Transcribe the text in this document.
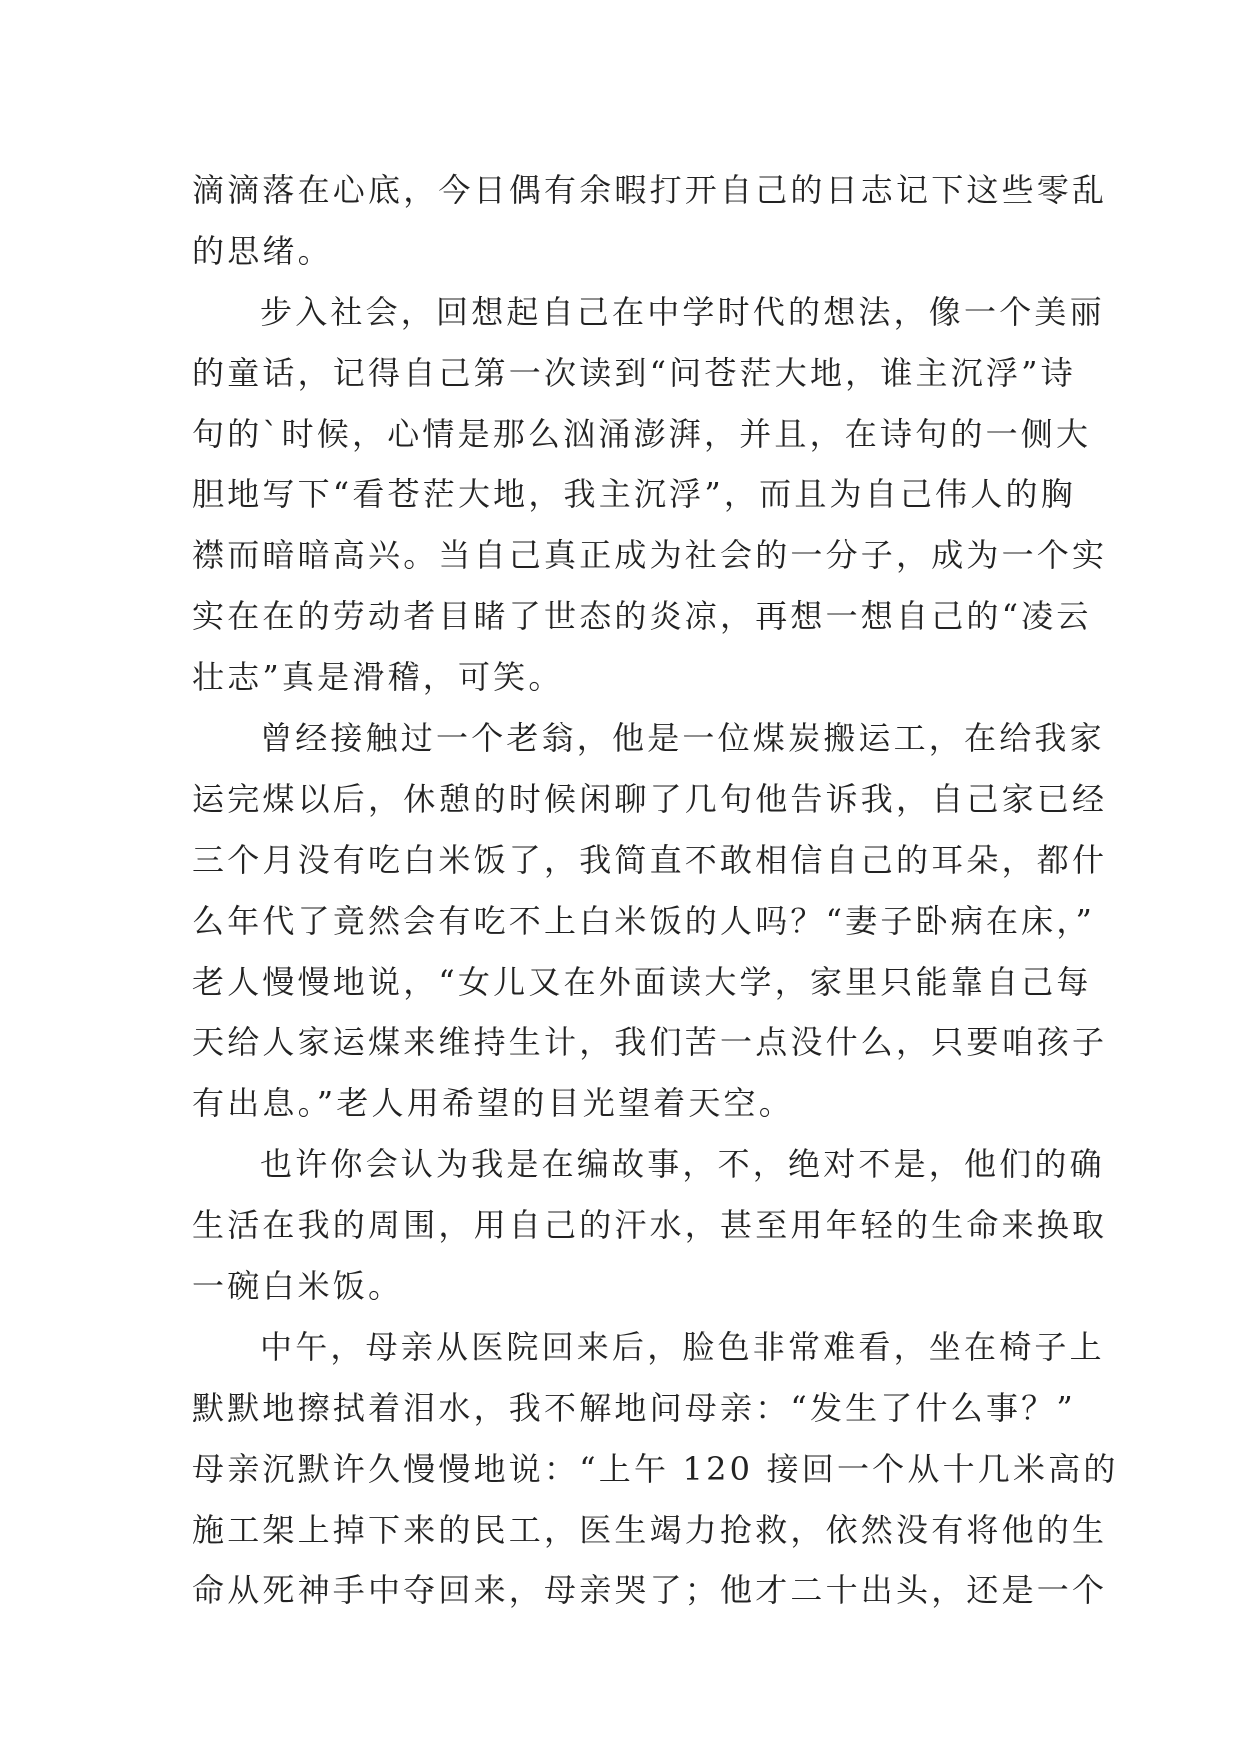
滴滴落在心底，今日偶有余暇打开自己的日志记下这些零乱
的思绪。
步入社会，回想起自己在中学时代的想法，像一个美丽
的童话，记得自己第一次读到“问苍茫大地，谁主沉浮”诗
句的`时候，心情是那么汹涌澎湃，并且，在诗句的一侧大
胆地写下“看苍茫大地，我主沉浮”，而且为自己伟人的胸
襟而暗暗高兴。当自己真正成为社会的一分子，成为一个实
实在在的劳动者目睹了世态的炎凉，再想一想自己的“凌云
壮志”真是滑稽，可笑。
曾经接触过一个老翁，他是一位煤炭搬运工，在给我家
运完煤以后，休憩的时候闲聊了几句他告诉我，自己家已经
三个月没有吃白米饭了，我简直不敢相信自己的耳朵，都什
么年代了竟然会有吃不上白米饭的人吗？“妻子卧病在床，”
老人慢慢地说，“女儿又在外面读大学，家里只能靠自己每
天给人家运煤来维持生计，我们苦一点没什么，只要咱孩子
有出息。”老人用希望的目光望着天空。
也许你会认为我是在编故事，不，绝对不是，他们的确
生活在我的周围，用自己的汗水，甚至用年轻的生命来换取
一碗白米饭。
中午，母亲从医院回来后，脸色非常难看，坐在椅子上
默默地擦拭着泪水，我不解地问母亲：“发生了什么事？”
母亲沉默许久慢慢地说：“上午 120 接回一个从十几米高的
施工架上掉下来的民工，医生竭力抢救，依然没有将他的生
命从死神手中夺回来，母亲哭了；他才二十出头，还是一个
